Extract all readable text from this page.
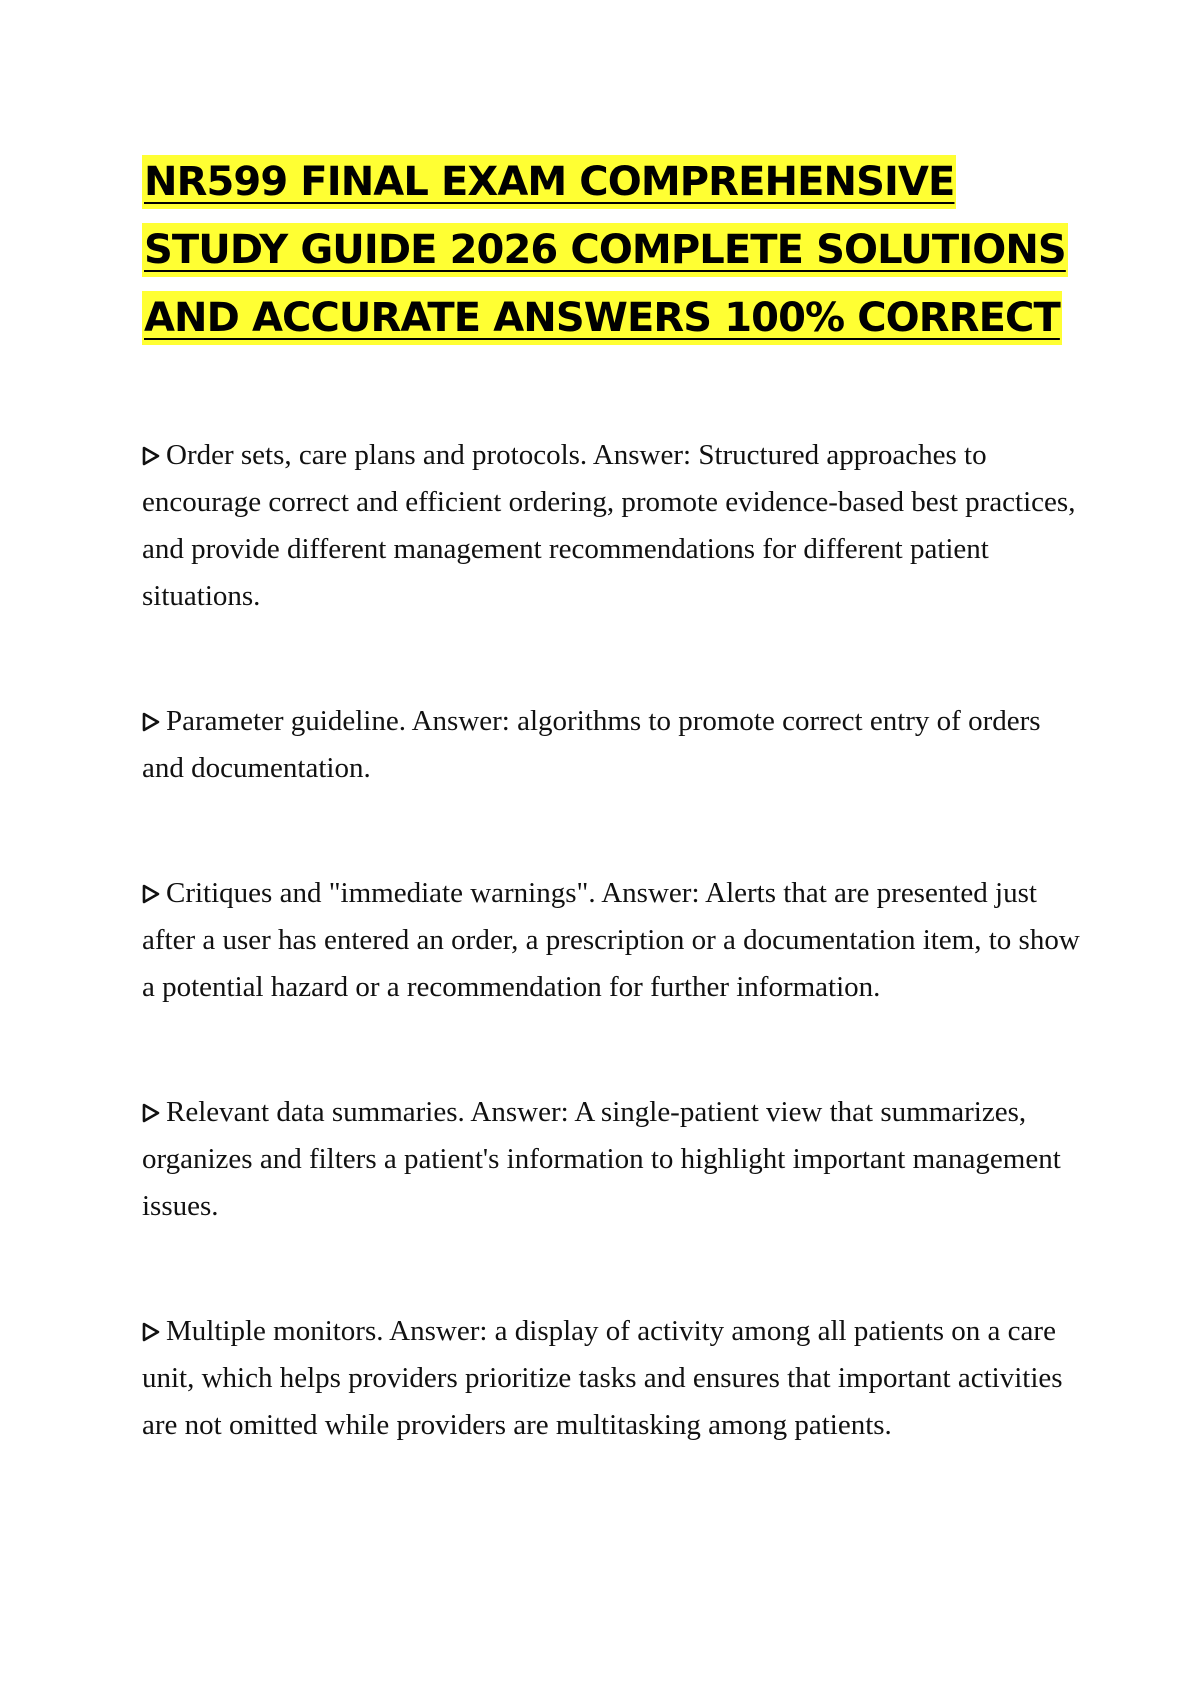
NR599 FINAL EXAM COMPREHENSIVE
STUDY GUIDE 2026 COMPLETE SOLUTIONS
AND ACCURATE ANSWERS 100% CORRECT

Order sets, care plans and protocols. Answer: Structured approaches to encourage correct and efficient ordering, promote evidence-based best practices, and provide different management recommendations for different patient situations.

Parameter guideline. Answer: algorithms to promote correct entry of orders and documentation.

Critiques and "immediate warnings". Answer: Alerts that are presented just after a user has entered an order, a prescription or a documentation item, to show a potential hazard or a recommendation for further information.

Relevant data summaries. Answer: A single-patient view that summarizes, organizes and filters a patient's information to highlight important management issues.

Multiple monitors. Answer: a display of activity among all patients on a care unit, which helps providers prioritize tasks and ensures that important activities are not omitted while providers are multitasking among patients.
